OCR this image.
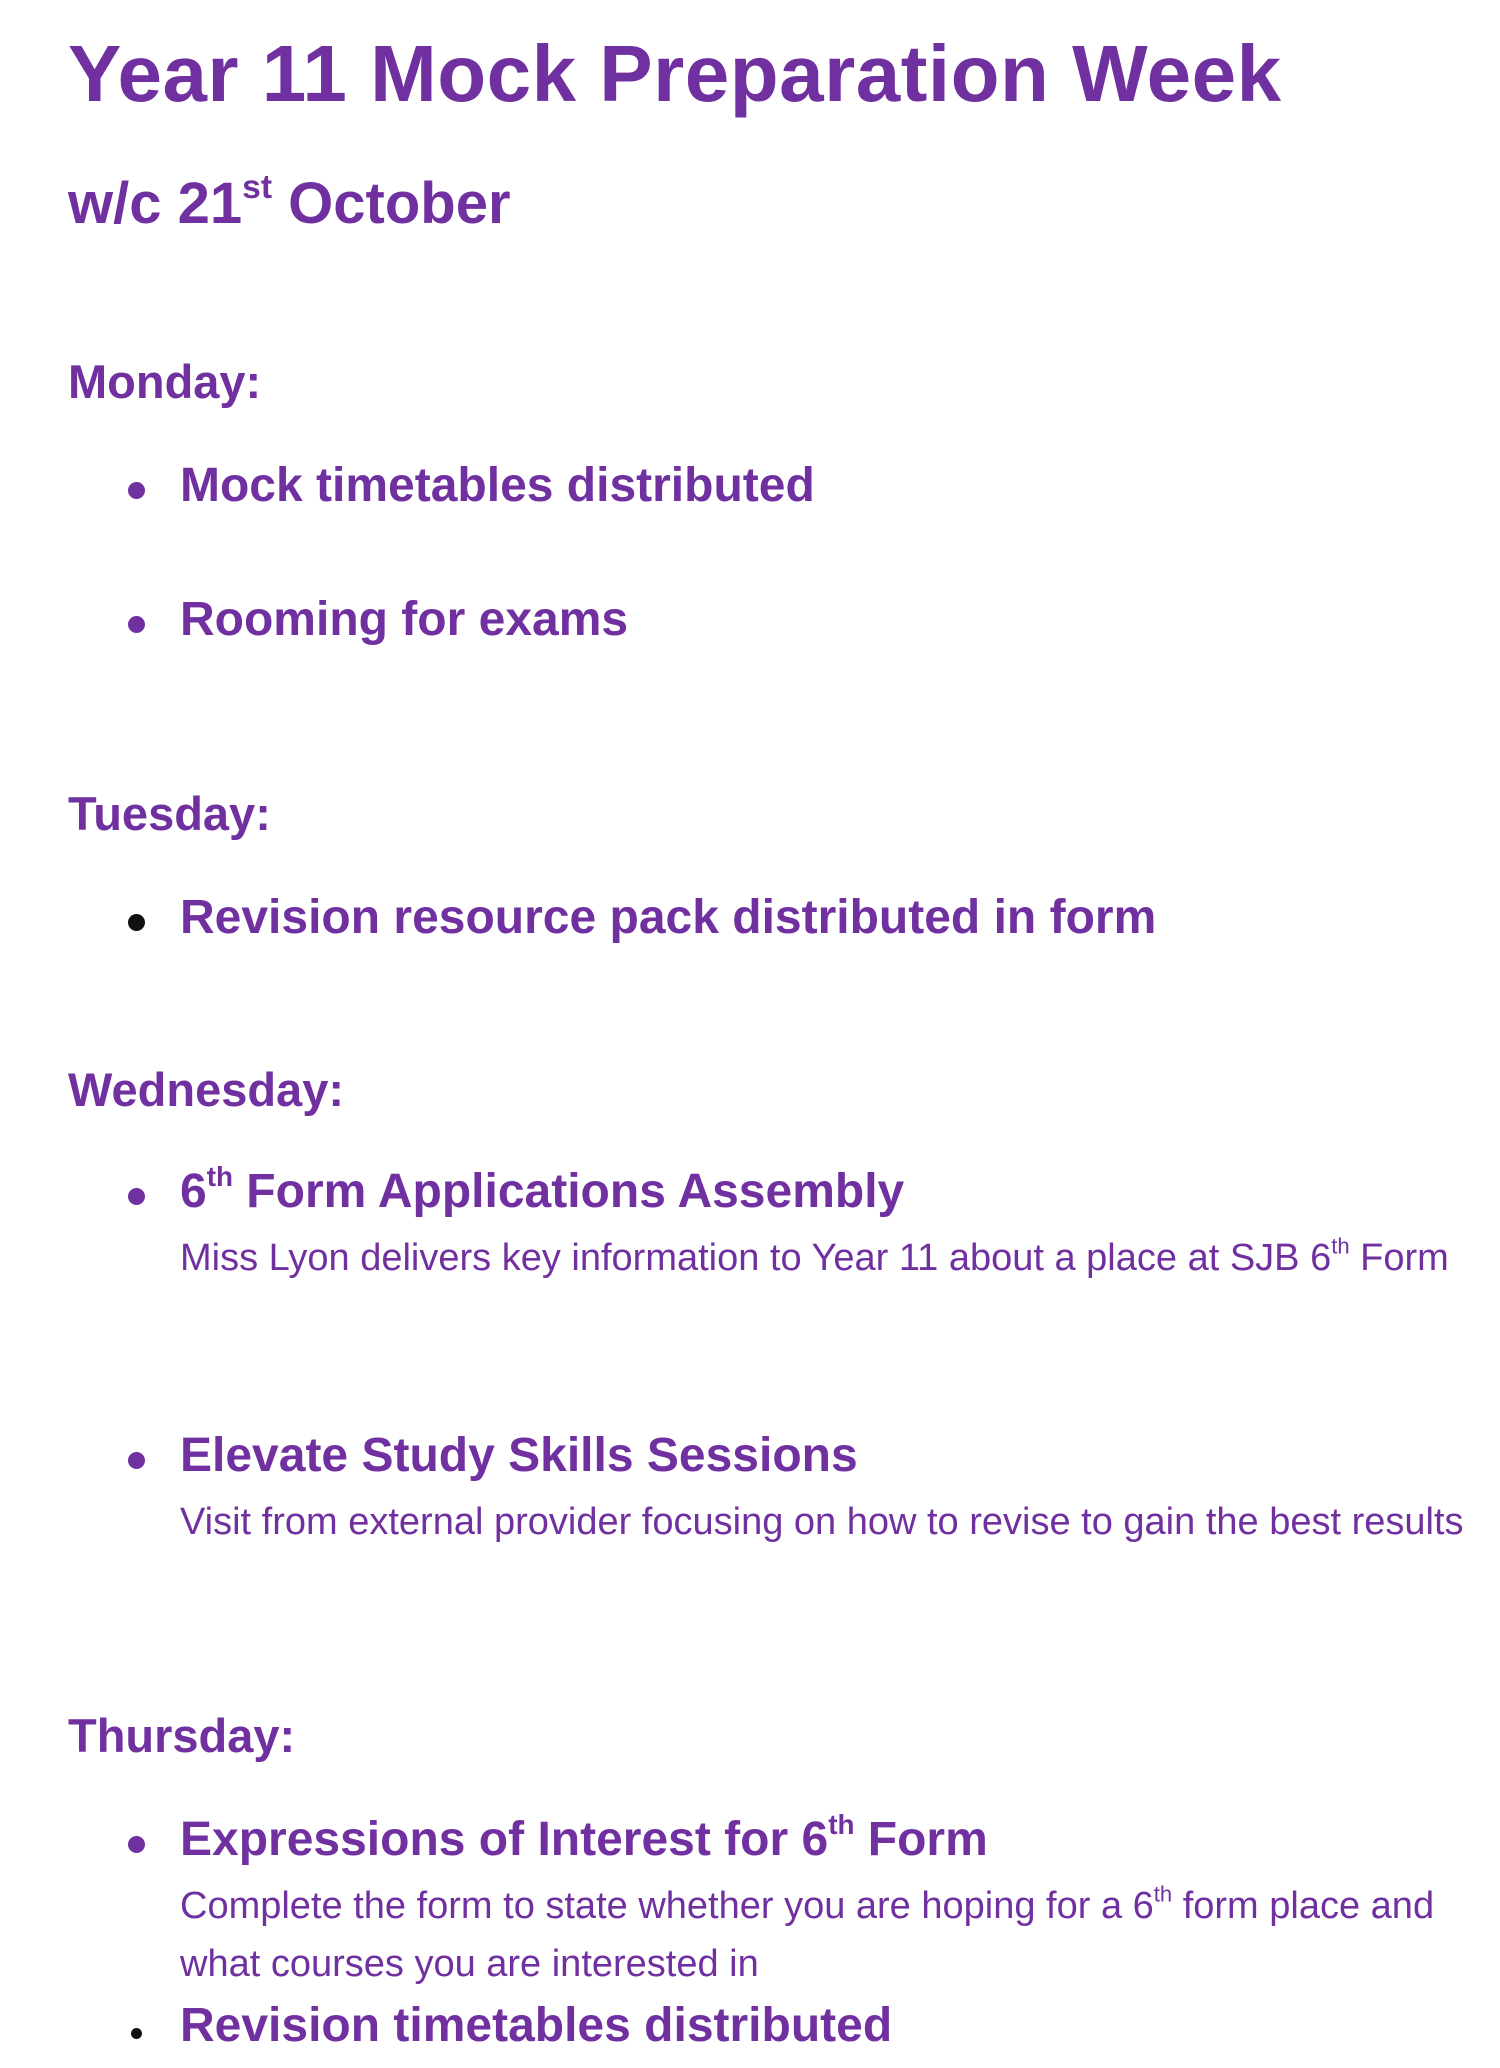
Year 11 Mock Preparation Week
w/c 21st October
Monday:
Mock timetables distributed
Rooming for exams
Tuesday:
Revision resource pack distributed in form
Wednesday:
6th Form Applications Assembly
Miss Lyon delivers key information to Year 11 about a place at SJB 6th Form
Elevate Study Skills Sessions
Visit from external provider focusing on how to revise to gain the best results
Thursday:
Expressions of Interest for 6th Form
Complete the form to state whether you are hoping for a 6th form place and what courses you are interested in
Revision timetables distributed
